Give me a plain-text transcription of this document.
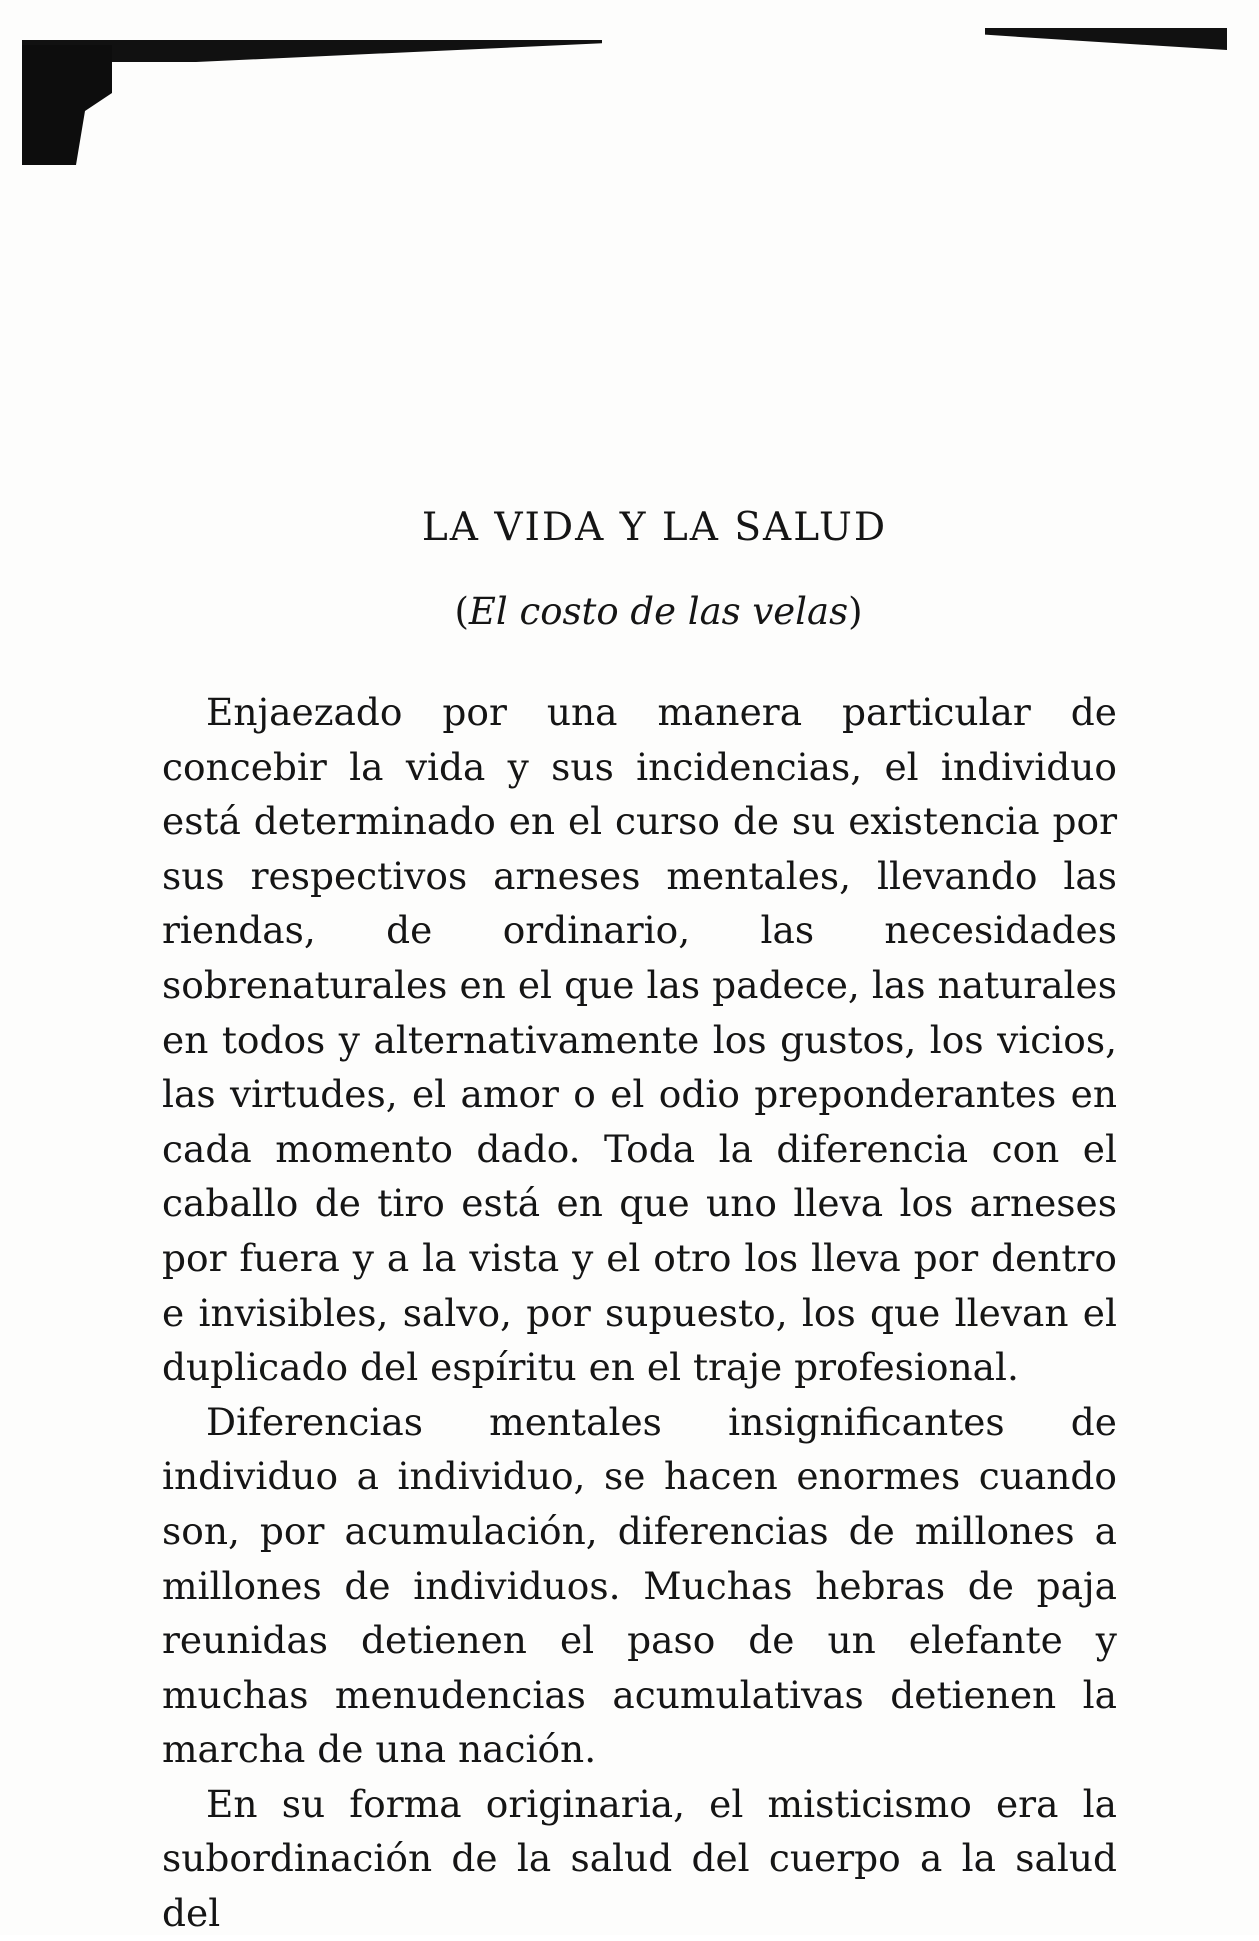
LA VIDA Y LA SALUD
(El costo de las velas)

Enjaezado por una manera particular de concebir la vida y sus incidencias, el individuo está determinado en el curso de su existencia por sus respectivos arneses mentales, llevando las riendas, de ordinario, las necesidades sobrenaturales en el que las padece, las naturales en todos y alternativamente los gustos, los vicios, las virtudes, el amor o el odio preponderantes en cada momento dado. Toda la diferencia con el caballo de tiro está en que uno lleva los arneses por fuera y a la vista y el otro los lleva por dentro e invisibles, salvo, por supuesto, los que llevan el duplicado del espíritu en el traje profesional.

Diferencias mentales insignificantes de individuo a individuo, se hacen enormes cuando son, por acumulación, diferencias de millones a millones de individuos. Muchas hebras de paja reunidas detienen el paso de un elefante y muchas menudencias acumulativas detienen la marcha de una nación.

En su forma originaria, el misticismo era la subordinación de la salud del cuerpo a la salud del
